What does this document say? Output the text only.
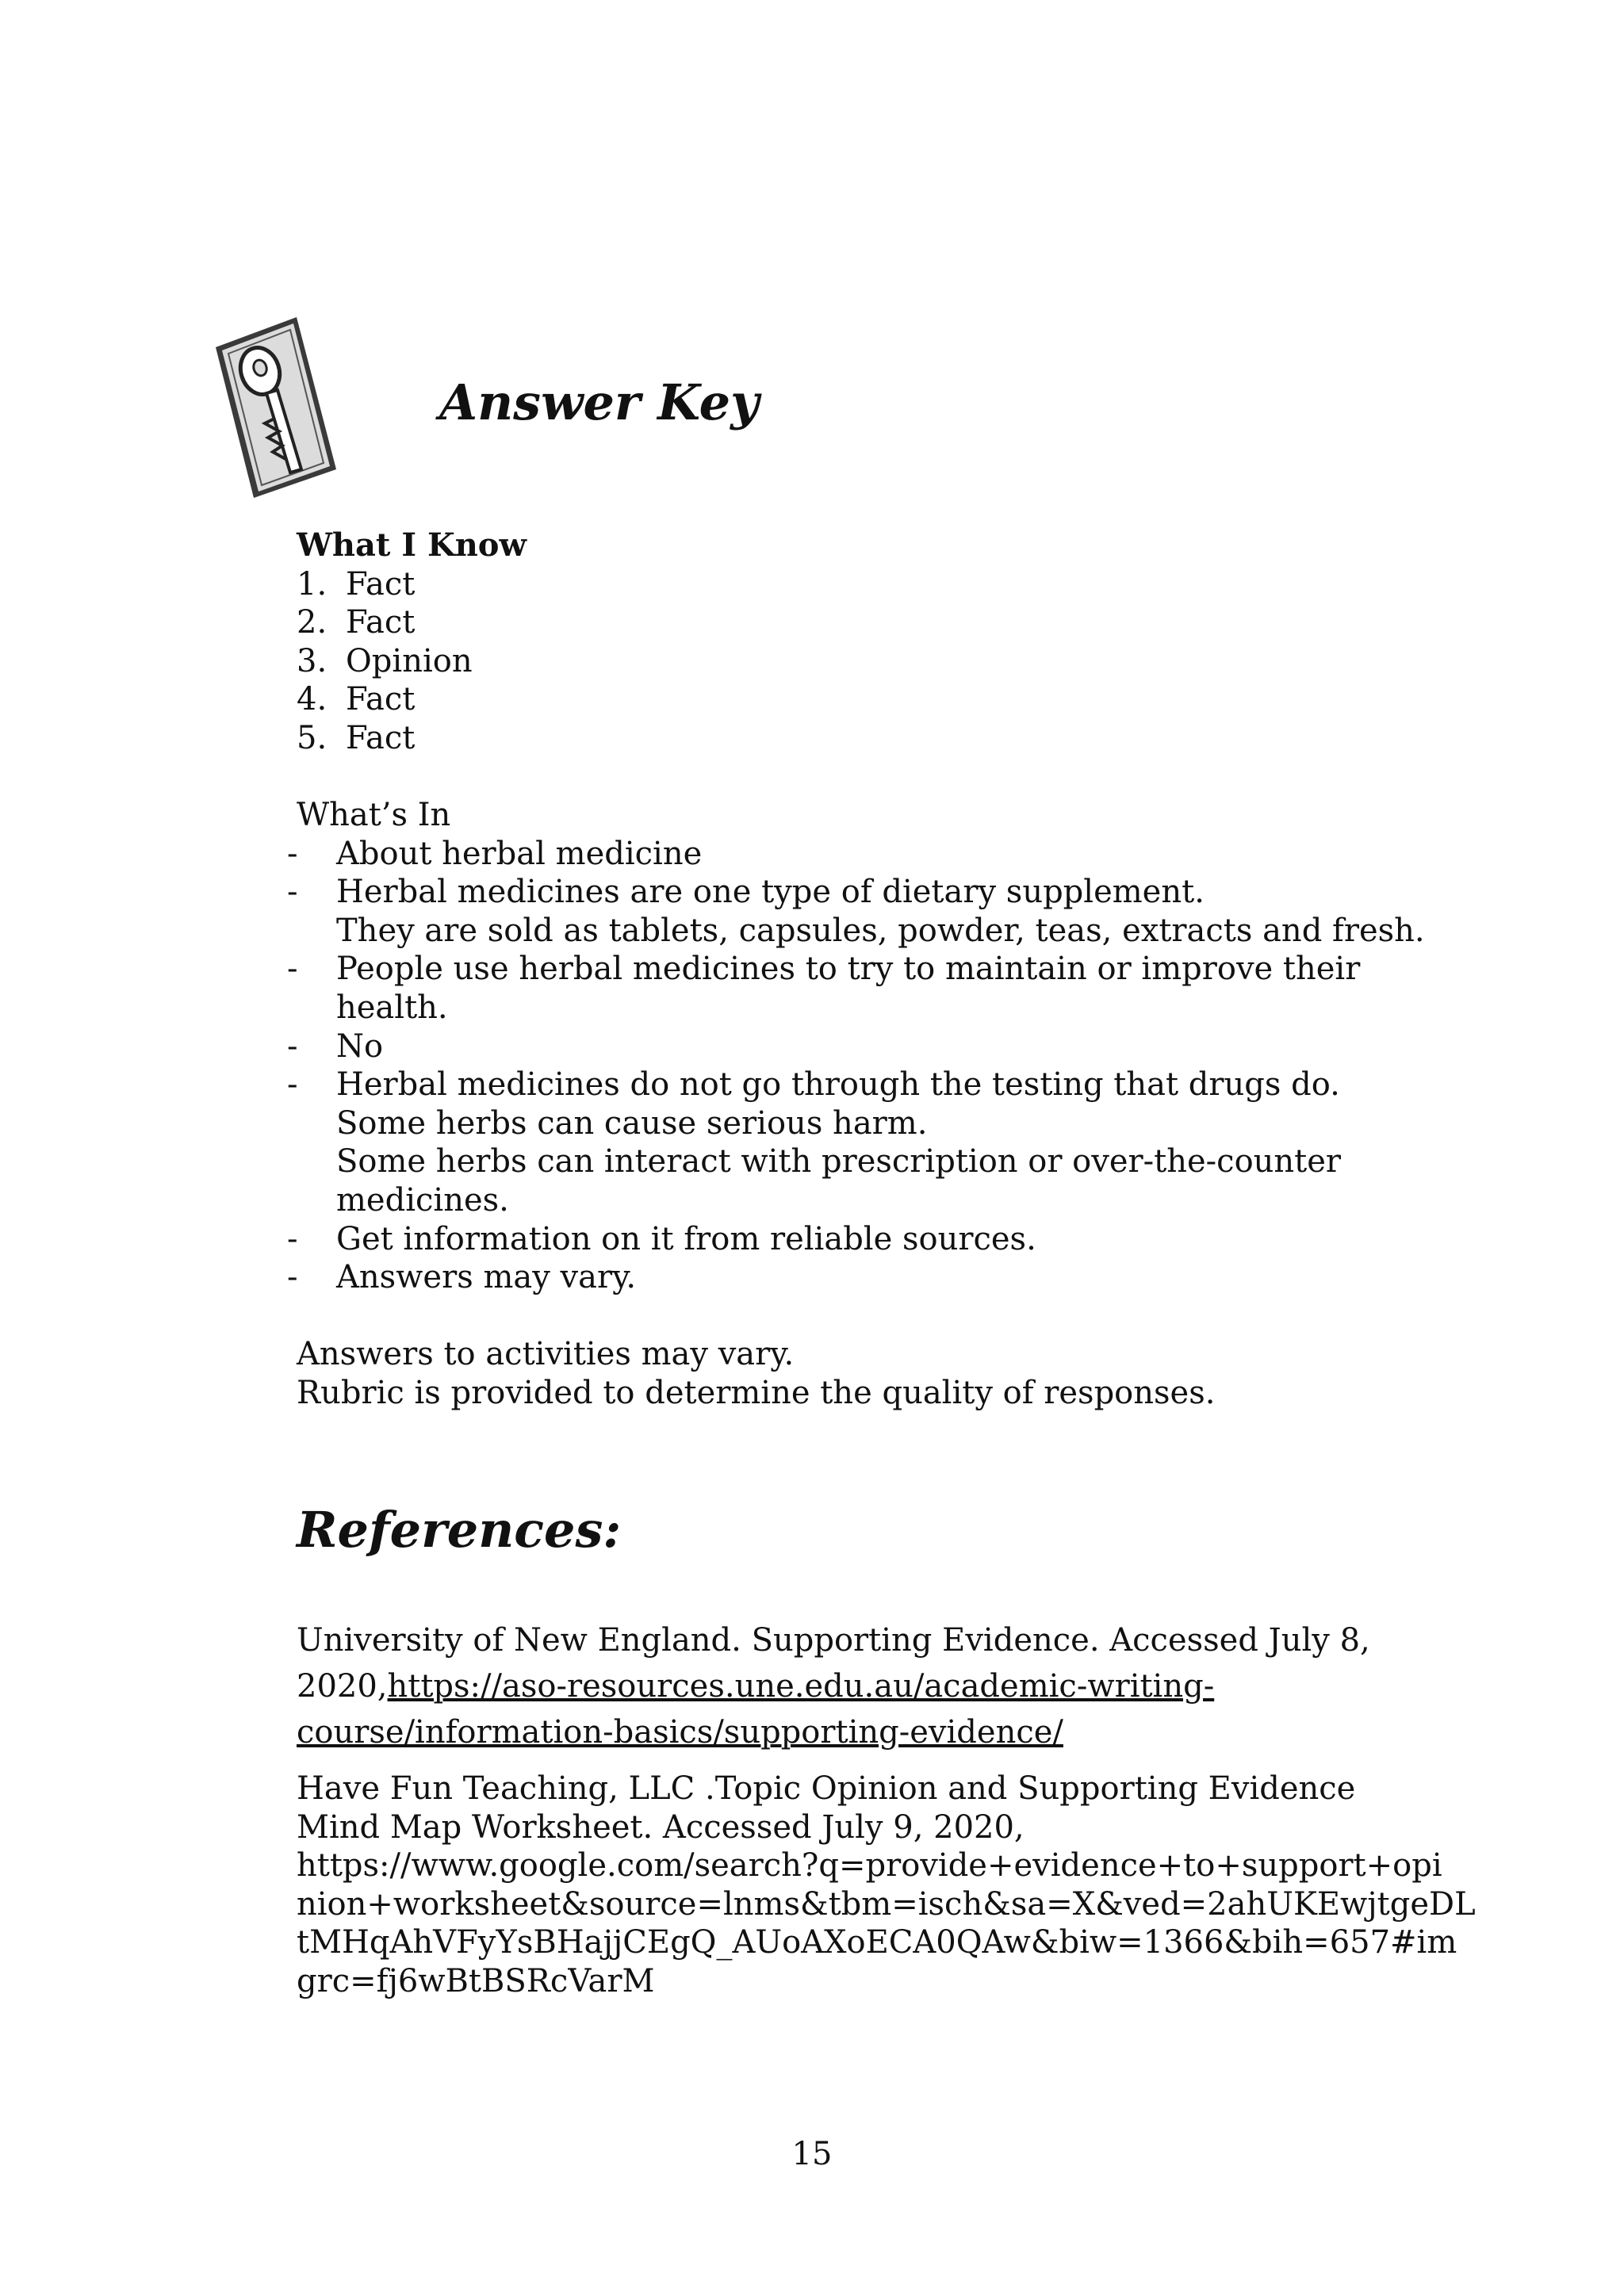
Answer Key
What I Know
1. Fact
2. Fact
3. Opinion
4. Fact
5. Fact
What’s In
-	About herbal medicine
-	Herbal medicines are one type of dietary supplement.
They are sold as tablets, capsules, powder, teas, extracts and fresh.
-	People use herbal medicines to try to maintain or improve their
health.
-	No
-	Herbal medicines do not go through the testing that drugs do.
Some herbs can cause serious harm.
Some herbs can interact with prescription or over-the-counter
medicines.
-	Get information on it from reliable sources.
-	Answers may vary.
Answers to activities may vary.
Rubric is provided to determine the quality of responses.
References:
University of New England. Supporting Evidence. Accessed July 8,
2020,https://aso-resources.une.edu.au/academic-writing-
course/information-basics/supporting-evidence/
Have Fun Teaching, LLC .Topic Opinion and Supporting Evidence
Mind Map Worksheet. Accessed July 9, 2020,
https://www.google.com/search?q=provide+evidence+to+support+opi
nion+worksheet&source=lnms&tbm=isch&sa=X&ved=2ahUKEwjtgeDL
tMHqAhVFyYsBHajjCEgQ_AUoAXoECA0QAw&biw=1366&bih=657#im
grc=fj6wBtBSRcVarM
15
